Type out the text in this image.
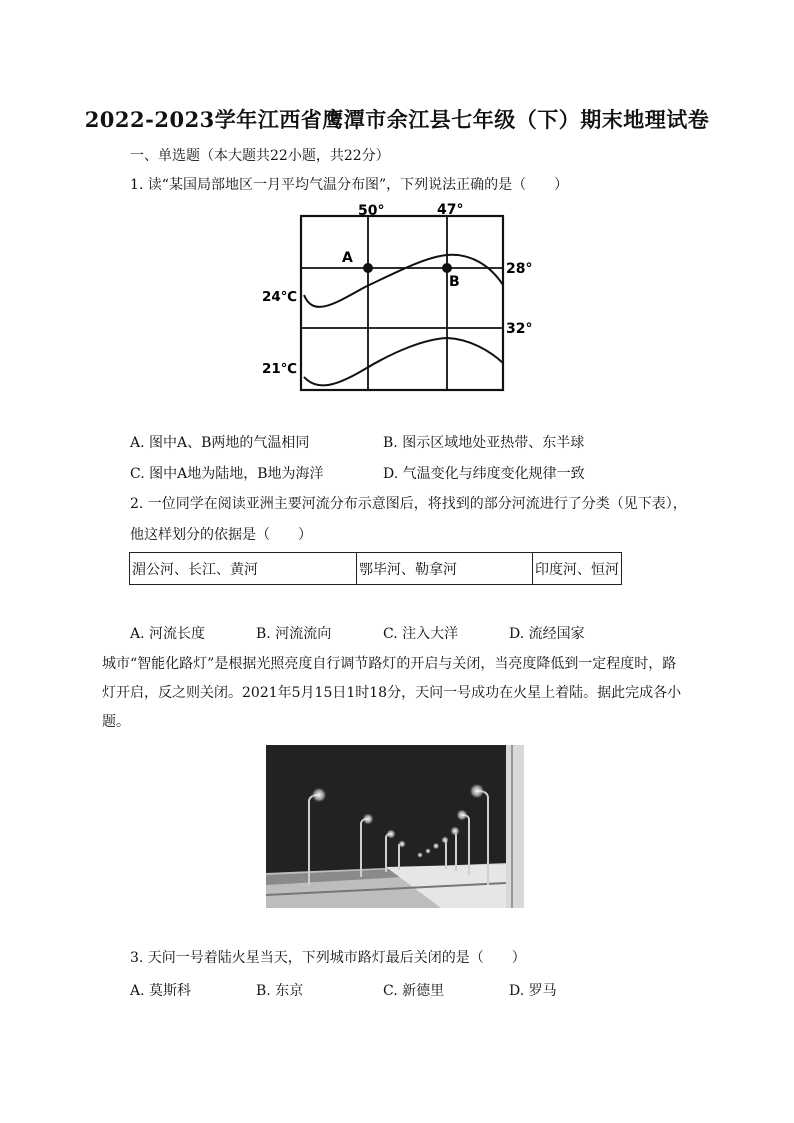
2022-2023学年江西省鹰潭市余江县七年级（下）期末地理试卷
一、单选题（本大题共22小题，共22分）
1. 读“某国局部地区一月平均气温分布图”，下列说法正确的是（　　）
50°	47°
28°
32°
24℃
21℃
A
B
A. 图中A、B两地的气温相同	B. 图示区域地处亚热带、东半球
C. 图中A地为陆地，B地为海洋	D. 气温变化与纬度变化规律一致
2. 一位同学在阅读亚洲主要河流分布示意图后，将找到的部分河流进行了分类（见下表），
他这样划分的依据是（　　）
湄公河、长江、黄河	鄂毕河、勒拿河	印度河、恒河
A. 河流长度	B. 河流流向	C. 注入大洋	D. 流经国家
城市“智能化路灯”是根据光照亮度自行调节路灯的开启与关闭，当亮度降低到一定程度时，路
灯开启，反之则关闭。2021年5月15日1时18分，天问一号成功在火星上着陆。据此完成各小
题。
3. 天问一号着陆火星当天，下列城市路灯最后关闭的是（　　）
A. 莫斯科	B. 东京	C. 新德里	D. 罗马
